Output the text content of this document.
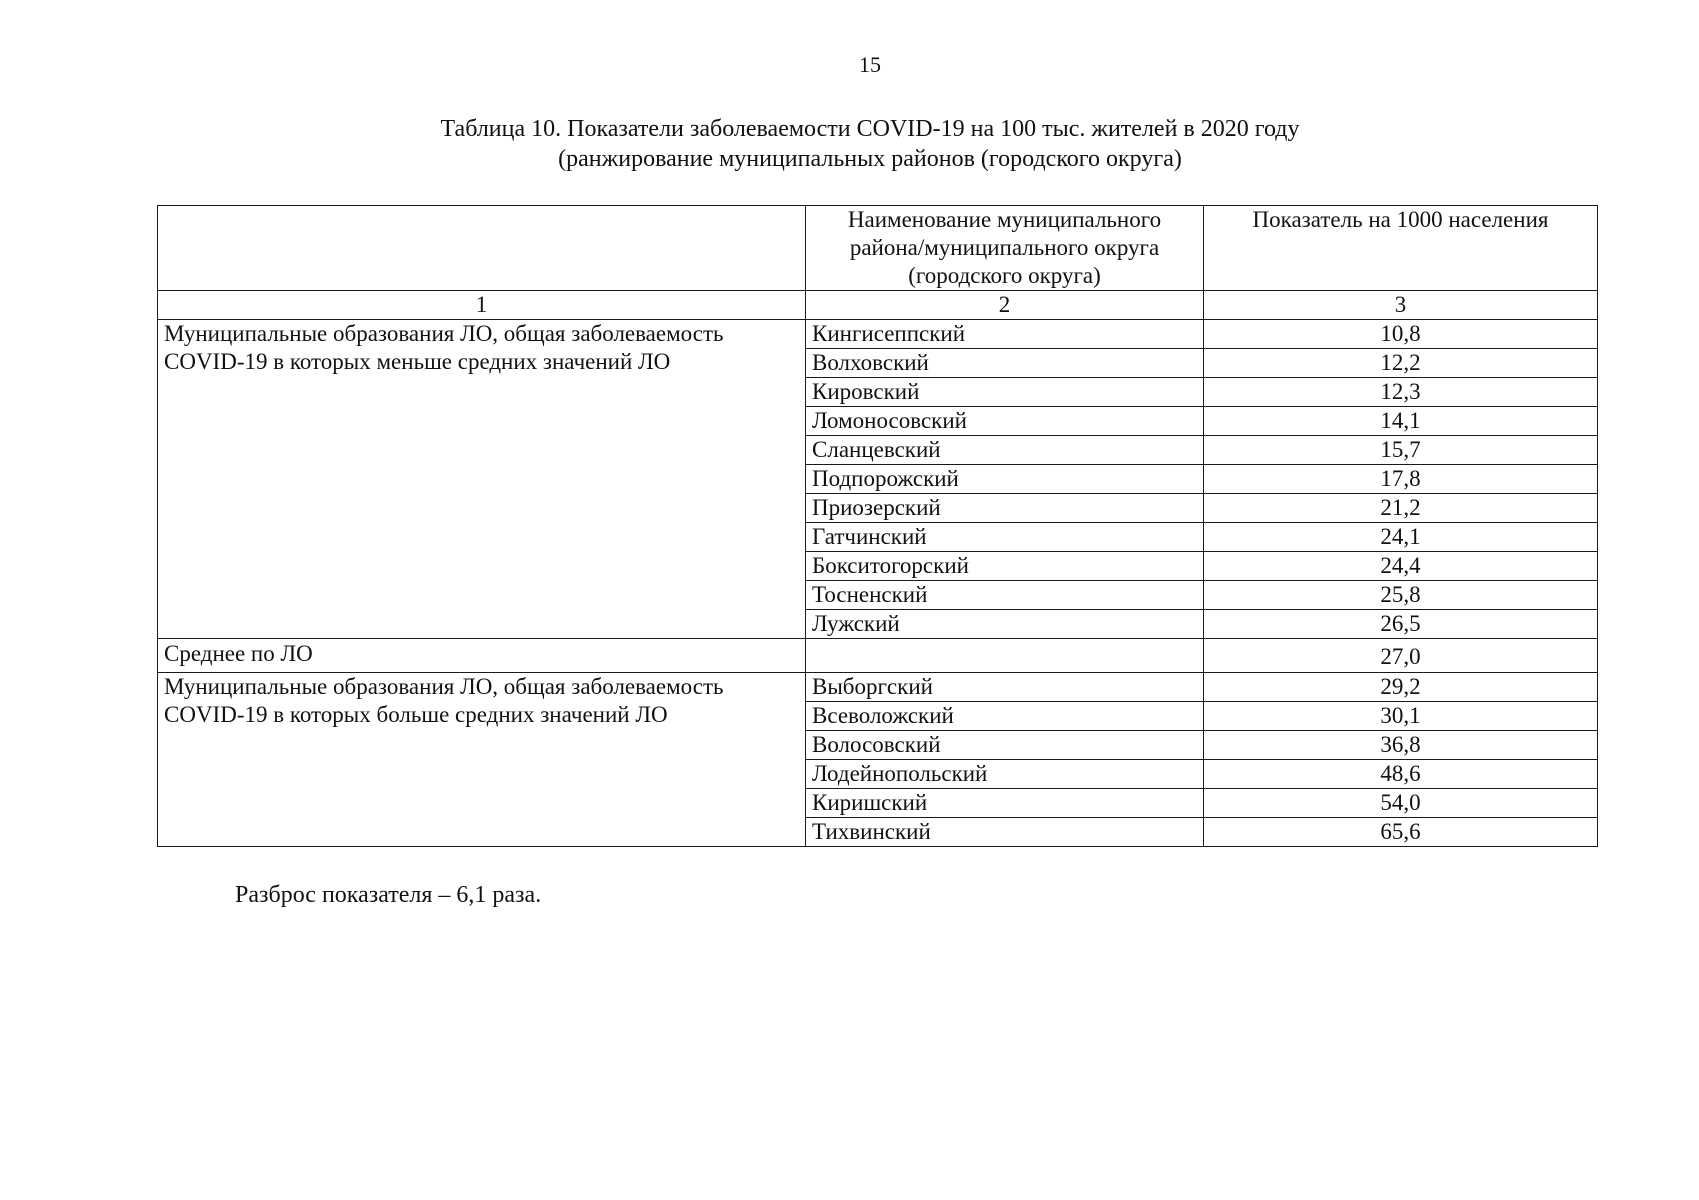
15
Таблица 10. Показатели заболеваемости COVID-19 на 100 тыс. жителей в 2020 году
(ранжирование муниципальных районов (городского округа)
	Наименование муниципального района/муниципального округа (городского округа)	Показатель на 1000 населения
1	2	3
Муниципальные образования ЛО, общая заболеваемость COVID-19 в которых меньше средних значений ЛО	Кингисеппский	10,8
	Волховский	12,2
	Кировский	12,3
	Ломоносовский	14,1
	Сланцевский	15,7
	Подпорожский	17,8
	Приозерский	21,2
	Гатчинский	24,1
	Бокситогорский	24,4
	Тосненский	25,8
	Лужский	26,5
Среднее по ЛО		27,0
Муниципальные образования ЛО, общая заболеваемость COVID-19 в которых больше средних значений ЛО	Выборгский	29,2
	Всеволожский	30,1
	Волосовский	36,8
	Лодейнопольский	48,6
	Киришский	54,0
	Тихвинский	65,6
Разброс показателя – 6,1 раза.
